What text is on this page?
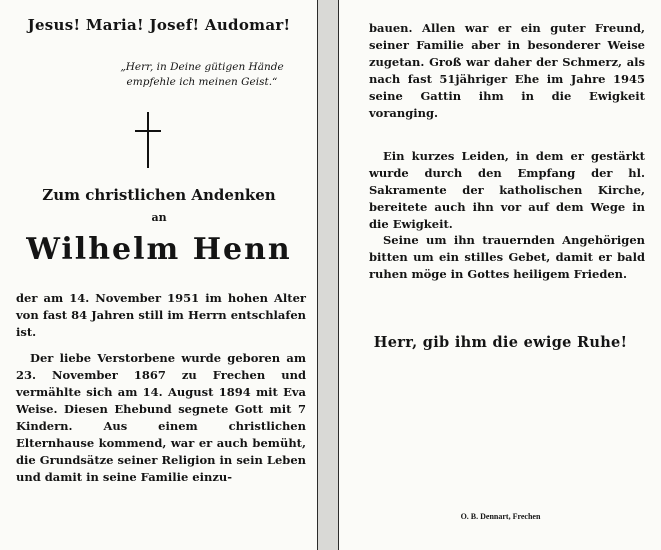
Jesus! Maria! Josef! Audomar!
„Herr, in Deine gütigen Hände
empfehle ich meinen Geist.“
Zum christlichen Andenken
an
Wilhelm Henn
der am 14. November 1951 im hohen Alter von fast 84 Jahren still im Herrn entschlafen ist.
Der liebe Verstorbene wurde geboren am 23. November 1867 zu Frechen und vermählte sich am 14. August 1894 mit Eva Weise. Diesen Ehebund segnete Gott mit 7 Kindern. Aus einem christlichen Elternhause kommend, war er auch bemüht, die Grundsätze seiner Religion in sein Leben und damit in seine Familie einzu-
bauen. Allen war er ein guter Freund, seiner Familie aber in besonderer Weise zugetan. Groß war daher der Schmerz, als nach fast 51jähriger Ehe im Jahre 1945 seine Gattin ihm in die Ewigkeit voranging.
Ein kurzes Leiden, in dem er gestärkt wurde durch den Empfang der hl. Sakramente der katholischen Kirche, bereitete auch ihn vor auf dem Wege in die Ewigkeit.
Seine um ihn trauernden Angehörigen bitten um ein stilles Gebet, damit er bald ruhen möge in Gottes heiligem Frieden.
Herr, gib ihm die ewige Ruhe!
O. B. Dennart, Frechen
